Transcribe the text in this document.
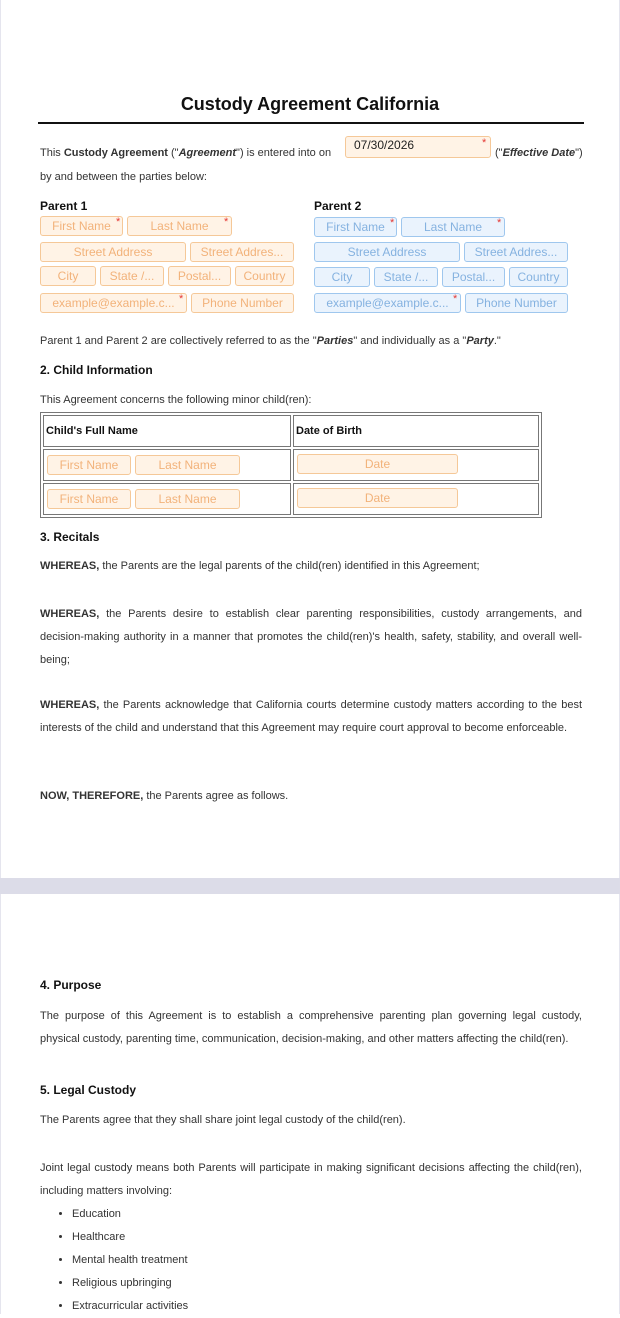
Custody Agreement California
This Custody Agreement ("Agreement") is entered into on
07/30/2026	*
("Effective Date")
by and between the parties below:
Parent 1
First Name *	Last Name	*
Street Address	Street Addres...
City	State /...	Postal...	Country
example@example.c... *	Phone Number
Parent 2
First Name *	Last Name	*
Street Address	Street Addres...
City	State /...	Postal...	Country
example@example.c... *	Phone Number
Parent 1 and Parent 2 are collectively referred to as the "Parties" and individually as a "Party."
2. Child Information
This Agreement concerns the following minor child(ren):
Child's Full Name	Date of Birth

First Name Last Name	Date

First Name Last Name	Date
3. Recitals
WHEREAS, the Parents are the legal parents of the child(ren) identified in this Agreement;
WHEREAS, the Parents desire to establish clear parenting responsibilities, custody arrangements, and decision-making authority in a manner that promotes the child(ren)'s health, safety, stability, and overall well-being;
WHEREAS, the Parents acknowledge that California courts determine custody matters according to the best interests of the child and understand that this Agreement may require court approval to become enforceable.
NOW, THEREFORE, the Parents agree as follows.
4. Purpose
The purpose of this Agreement is to establish a comprehensive parenting plan governing legal custody, physical custody, parenting time, communication, decision-making, and other matters affecting the child(ren).
5. Legal Custody
The Parents agree that they shall share joint legal custody of the child(ren).
Joint legal custody means both Parents will participate in making significant decisions affecting the child(ren), including matters involving:
• Education
• Healthcare
• Mental health treatment
• Religious upbringing
• Extracurricular activities
